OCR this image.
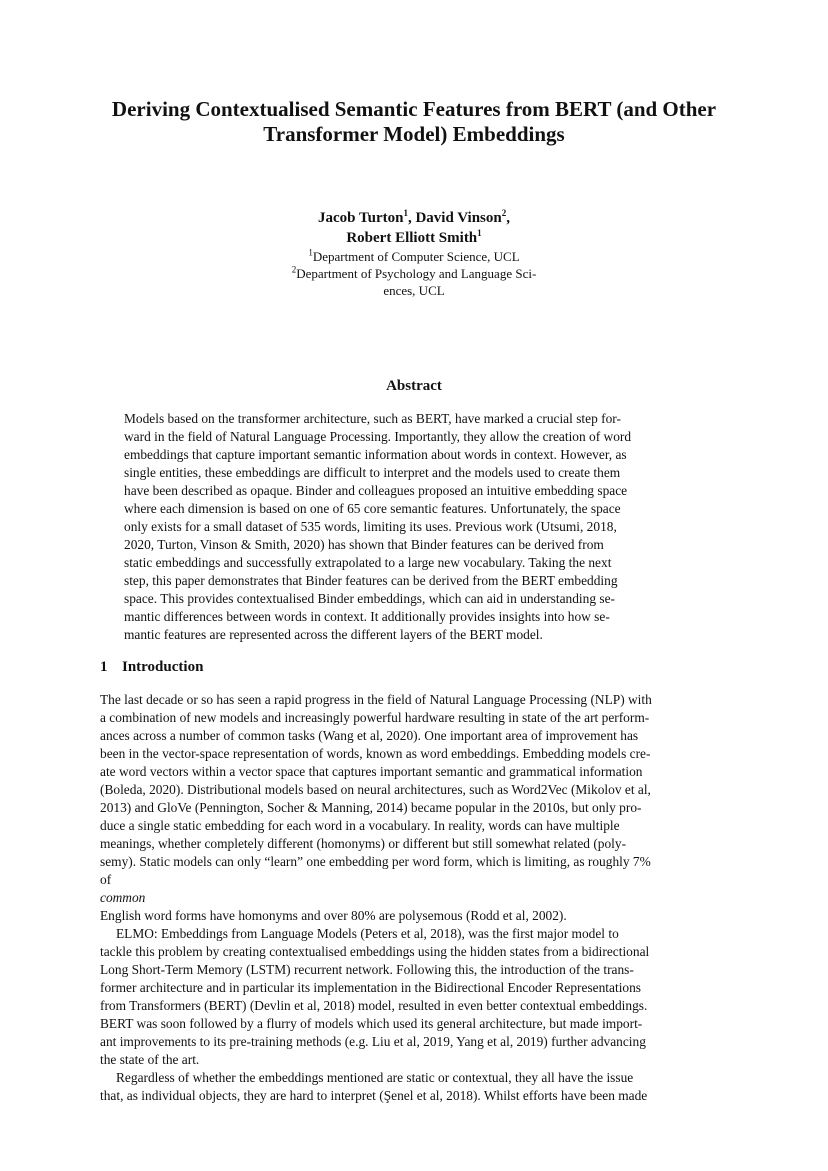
Deriving Contextualised Semantic Features from BERT (and Other
Transformer Model) Embeddings
Jacob Turton$^1$, David Vinson$^2$,
Robert Elliott Smith$^1$
$^1$Department of Computer Science, UCL
$^2$Department of Psychology and Language Sci-
ences, UCL
Abstract
Models based on the transformer architecture, such as BERT, have marked a crucial step for-
ward in the field of Natural Language Processing. Importantly, they allow the creation of word
embeddings that capture important semantic information about words in context. However, as
single entities, these embeddings are difficult to interpret and the models used to create them
have been described as opaque. Binder and colleagues proposed an intuitive embedding space
where each dimension is based on one of 65 core semantic features. Unfortunately, the space
only exists for a small dataset of 535 words, limiting its uses. Previous work (Utsumi, 2018,
2020, Turton, Vinson & Smith, 2020) has shown that Binder features can be derived from
static embeddings and successfully extrapolated to a large new vocabulary. Taking the next
step, this paper demonstrates that Binder features can be derived from the BERT embedding
space. This provides contextualised Binder embeddings, which can aid in understanding se-
mantic differences between words in context. It additionally provides insights into how se-
mantic features are represented across the different layers of the BERT model.
1 Introduction
The last decade or so has seen a rapid progress in the field of Natural Language Processing (NLP) with
a combination of new models and increasingly powerful hardware resulting in state of the art perform-
ances across a number of common tasks (Wang et al, 2020). One important area of improvement has
been in the vector-space representation of words, known as word embeddings. Embedding models cre-
ate word vectors within a vector space that captures important semantic and grammatical information
(Boleda, 2020). Distributional models based on neural architectures, such as Word2Vec (Mikolov et al,
2013) and GloVe (Pennington, Socher & Manning, 2014) became popular in the 2010s, but only pro-
duce a single static embedding for each word in a vocabulary. In reality, words can have multiple
meanings, whether completely different (homonyms) or different but still somewhat related (poly-
semy). Static models can only “learn” one embedding per word form, which is limiting, as roughly 7%
of
common
English word forms have homonyms and over 80% are polysemous (Rodd et al, 2002).
ELMO: Embeddings from Language Models (Peters et al, 2018), was the first major model to
tackle this problem by creating contextualised embeddings using the hidden states from a bidirectional
Long Short-Term Memory (LSTM) recurrent network. Following this, the introduction of the trans-
former architecture and in particular its implementation in the Bidirectional Encoder Representations
from Transformers (BERT) (Devlin et al, 2018) model, resulted in even better contextual embeddings.
BERT was soon followed by a flurry of models which used its general architecture, but made import-
ant improvements to its pre-training methods (e.g. Liu et al, 2019, Yang et al, 2019) further advancing
the state of the art.
Regardless of whether the embeddings mentioned are static or contextual, they all have the issue
that, as individual objects, they are hard to interpret (Şenel et al, 2018). Whilst efforts have been made
